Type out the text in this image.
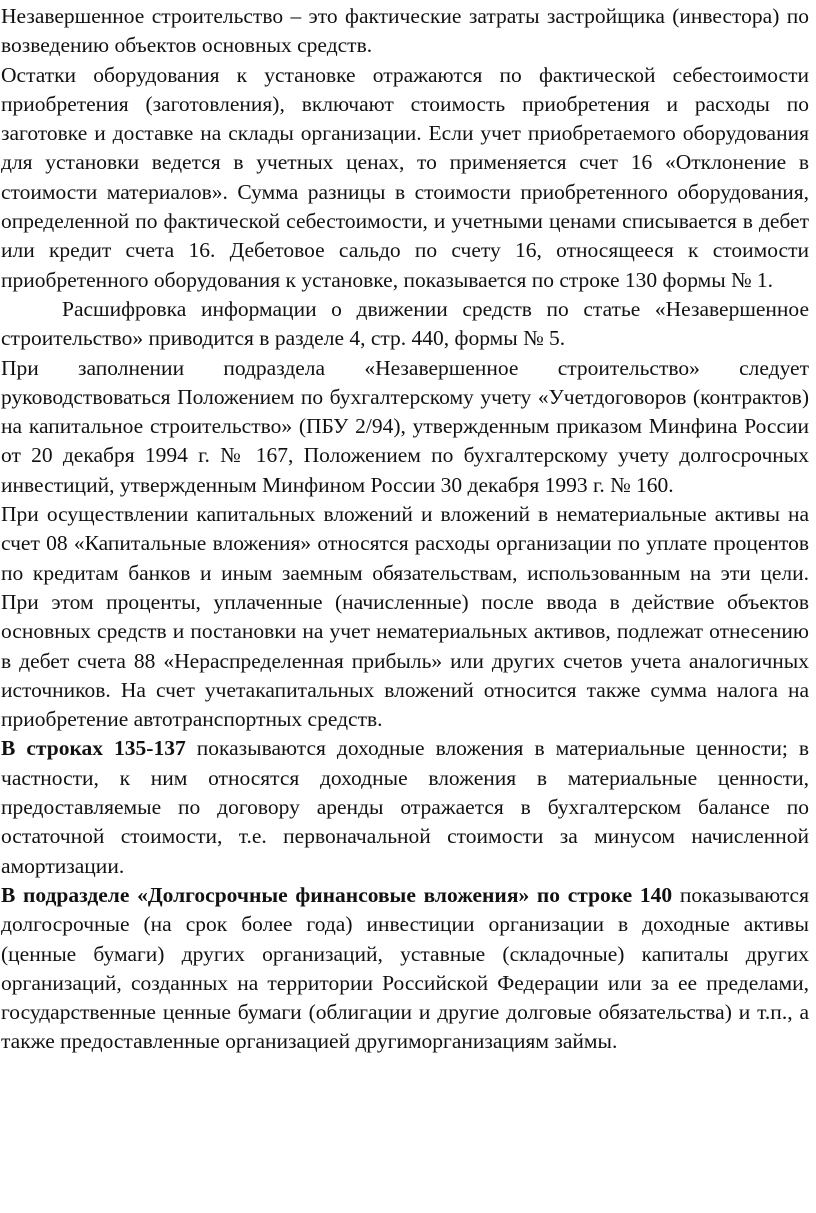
Незавершенное строительство – это фактические затраты застройщика (инвестора) по возведению объектов основных средств.

Остатки оборудования к установке отражаются по фактической себестоимости приобретения (заготовления), включают стоимость приобретения и расходы по заготовке и доставке на склады организации. Если учет приобретаемого оборудования для установки ведется в учетных ценах, то применяется счет 16 «Отклонение в стоимости материалов». Сумма разницы в стоимости приобретенного оборудования, определенной по фактической себестоимости, и учетными ценами списывается в дебет или кредит счета 16. Дебетовое сальдо по счету 16, относящееся к стоимости приобретенного оборудования к установке, показывается по строке 130 формы № 1.

Расшифровка информации о движении средств по статье «Незавершенное строительство» приводится в разделе 4, стр. 440, формы № 5.

При заполнении подраздела «Незавершенное строительство» следует руководствоваться Положением по бухгалтерскому учету «Учетдоговоров (контрактов) на капитальное строительство» (ПБУ 2/94), утвержденным приказом Минфина России от 20 декабря 1994 г. № 167, Положением по бухгалтерскому учету долгосрочных инвестиций, утвержденным Минфином России 30 декабря 1993 г. № 160.

При осуществлении капитальных вложений и вложений в нематериальные активы на счет 08 «Капитальные вложения» относятся расходы организации по уплате процентов по кредитам банков и иным заемным обязательствам, использованным на эти цели. При этом проценты, уплаченные (начисленные) после ввода в действие объектов основных средств и постановки на учет нематериальных активов, подлежат отнесению в дебет счета 88 «Нераспределенная прибыль» или других счетов учета аналогичных источников. На счет учетакапитальных вложений относится также сумма налога на приобретение автотранспортных средств.

В строках 135-137 показываются доходные вложения в материальные ценности; в частности, к ним относятся доходные вложения в материальные ценности, предоставляемые по договору аренды отражается в бухгалтерском балансе по остаточной стоимости, т.е. первоначальной стоимости за минусом начисленной амортизации.

В подразделе «Долгосрочные финансовые вложения» по строке 140 показываются долгосрочные (на срок более года) инвестиции организации в доходные активы (ценные бумаги) других организаций, уставные (складочные) капиталы других организаций, созданных на территории Российской Федерации или за ее пределами, государственные ценные бумаги (облигации и другие долговые обязательства) и т.п., а также предоставленные организацией другиморганизациям займы.
